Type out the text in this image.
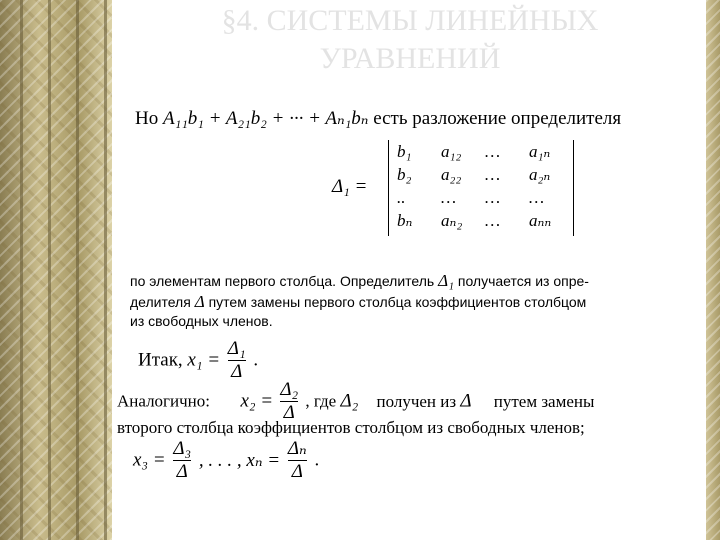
§4. СИСТЕМЫ ЛИНЕЙНЫХ
УРАВНЕНИЙ
Но A₁₁b₁ + A₂₁b₂ + ··· + Aₙ₁bₙ есть разложение определителя
Δ₁ =
b₁	a₁₂	…	a₁ₙ
b₂	a₂₂	…	a₂ₙ
..	…	…	…
bₙ	aₙ₂	…	aₙₙ
по элементам первого столбца. Определитель Δ₁ получается из опре-
делителя Δ путем замены первого столбца коэффициентов столбцом
из свободных членов.
Итак, $x_1 = \frac{\text{Δ₁}}{\Delta}$ .
Аналогично: $x_2 = \frac{\text{Δ₂}}{\Delta}$ , где Δ₂ получен из Δ путем замены
второго столбца коэффициентов столбцом из свободных членов;
$x_3 = \frac{\text{Δ₃}}{\Delta}$ , . . . , $x_n = \frac{\text{Δₙ}}{\Delta}$ .
